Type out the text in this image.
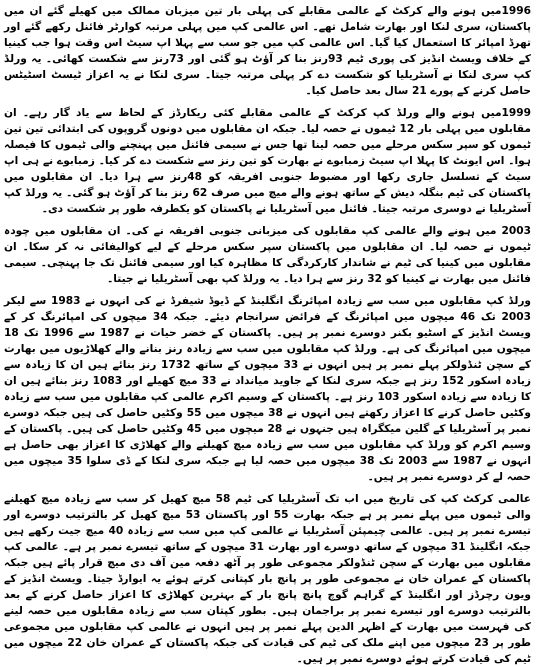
1996میں ہونے والے کرکٹ کے عالمی مقابلے کی پہلی بار تین میزبان ممالک میں کھیلے گئے ان میں پاکستان، سری لنکا اور بھارت شامل تھے۔ اس عالمی کپ میں پہلی مرتبہ کوارٹر فائنل رکھے گئے اور تھرڈ امپائر کا استعمال کیا گیا۔ اس عالمی کپ میں جو سب سے پہلا اپ سیٹ اس وقت ہوا جب کینیا کے خلاف ویسٹ انڈیز کی پوری ٹیم 93رنز بنا کر آؤٹ ہو گئی اور 73رنز سے شکست کھائی۔ یہ ورلڈ کپ سری لنکا نے آسٹریلیا کو شکست دے کر پہلی مرتبہ جیتا۔ سری لنکا نے یہ اعزاز ٹیسٹ اسٹیٹس حاصل کرنے کے پورے 21 سال بعد حاصل کیا۔

1999میں ہونے والے ورلڈ کپ کرکٹ کے عالمی مقابلے کئی ریکارڈز کے لحاظ سے یاد گار رہے۔ ان مقابلوں میں پہلی بار 12 ٹیموں نے حصہ لیا۔ جبکہ ان مقابلوں میں دونوں گروپوں کی ابتدائی تین تین ٹیموں کو سپر سکس مرحلے میں حصہ لینا تھا جس نے سیمی فائنل میں پہنچنے والی ٹیموں کا فیصلہ ہوا۔ اس ایونٹ کا پہلا اپ سیٹ زمبابوے نے بھارت کو تین رنز سے شکست دے کر کیا۔ زمبابوے نے ہی اپ سیٹ کے تسلسل جاری رکھا اور مضبوط جنوبی افریقہ کو 48رنز سے ہرا دیا۔ ان مقابلوں میں پاکستان کی ٹیم بنگلہ دیش کے ساتھ ہونے والے میچ میں صرف 62 رنز بنا کر آؤٹ ہو گئی۔ یہ ورلڈ کپ آسٹریلیا نے دوسری مرتبہ جیتا۔ فائنل میں آسٹریلیا نے پاکستان کو یکطرفہ طور پر شکست دی۔

2003 میں ہونے والے عالمی کپ مقابلوں کی میزبانی جنوبی افریقہ نے کی۔ ان مقابلوں میں چودہ ٹیموں نے حصہ لیا۔ ان مقابلوں میں پاکستان سپر سکس مرحلے کے لیے کوالیفائی نہ کر سکا۔ ان مقابلوں میں کینیا کی ٹیم نے شاندار کارکردگی کا مظاہرہ کیا اور سیمی فائنل تک جا پہنچی۔ سیمی فائنل میں بھارت نے کینیا کو 32 رنز سے ہرا دیا۔ یہ ورلڈ کپ بھی آسٹریلیا نے جیتا۔

ورلڈ کپ مقابلوں میں سب سے زیادہ امپائرنگ انگلینڈ کے ڈیوڈ شیفرڈ نے کی انہوں نے 1983 سے لیکر 2003 تک 46 میچوں میں امپائرنگ کے فرائض سرانجام دیئے۔ جبکہ 34 میچوں کی امپائرنگ کر کے ویسٹ انڈیز کے اسٹیو بکنر دوسرے نمبر پر ہیں۔ پاکستان کے خضر حیات نے 1987 سے 1996 تک 18 میچوں میں امپائرنگ کی ہے۔ ورلڈ کپ مقابلوں میں سب سے زیادہ رنز بنانے والے کھلاڑیوں میں بھارت کے سچن ٹنڈولکر پہلے نمبر پر ہیں انہوں نے 33 میچوں کے ساتھ 1732 رنز بنائے ہیں ان کا زیادہ سے زیادہ اسکور 152 رنز ہے جبکہ سری لنکا کے جاوید میانداد نے 33 میچ کھیلے اور 1083 رنز بنائے ہیں ان کا زیادہ سے زیادہ اسکور 103 رنز ہے۔ پاکستان کے وسیم اکرم عالمی کپ مقابلوں میں سب سے زیادہ وکٹیں حاصل کرنے کا اعزاز رکھتے ہیں انہوں نے 38 میچوں میں 55 وکٹیں حاصل کی ہیں جبکہ دوسرے نمبر پر آسٹریلیا کے گلین میکگراہ ہیں جنہوں نے 28 میچوں میں 45 وکٹیں حاصل کی ہیں۔ پاکستان کے وسیم اکرم کو ورلڈ کپ مقابلوں میں سب سے زیادہ میچ کھیلنے والے کھلاڑی کا اعزاز بھی حاصل ہے انہوں نے 1987 سے 2003 تک 38 میچوں میں حصہ لیا ہے جبکہ سری لنکا کے ڈی سلوا 35 میچوں میں حصہ لے کر دوسرے نمبر پر ہیں۔

عالمی کرکٹ کپ کی تاریخ میں اب تک آسٹریلیا کی ٹیم 58 میچ کھیل کر سب سے زیادہ میچ کھیلنے والی ٹیموں میں پہلے نمبر پر ہے جبکہ بھارت 55 اور پاکستان 53 میچ کھیل کر بالترتیب دوسرے اور تیسرے نمبر پر ہیں۔ عالمی چیمپئن آسٹریلیا نے عالمی کپ میں سب سے زیادہ 40 میچ جیت رکھے ہیں جبکہ انگلینڈ 31 میچوں کے ساتھ دوسرے اور بھارت 31 میچوں کے ساتھ تیسرے نمبر پر ہے۔ عالمی کپ مقابلوں میں بھارت کے سچن ٹنڈولکر مجموعی طور پر آٹھ دفعہ مین آف دی میچ قرار پائے ہیں جبکہ پاکستان کے عمران خان نے مجموعی طور پر پانچ بار کپتانی کرتے ہوئے یہ ایوارڈ جیتا۔ ویسٹ انڈیز کے ویون رچرڈز اور انگلینڈ کے گراہم گوچ پانچ پانچ بار کے بہترین کھلاڑی کا اعزاز حاصل کرنے کے بعد بالترتیب دوسرے اور تیسرے نمبر پر براجمان ہیں۔ بطور کپتان سب سے زیادہ مقابلوں میں حصہ لینے کی فہرست میں بھارت کے اظہر الدین پہلے نمبر پر ہیں انہوں نے عالمی کپ مقابلوں میں مجموعی طور پر 23 میچوں میں اپنے ملک کی ٹیم کی قیادت کی جبکہ پاکستان کے عمران خان 22 میچوں میں ٹیم کی قیادت کرتے ہوئے دوسرے نمبر پر ہیں۔
